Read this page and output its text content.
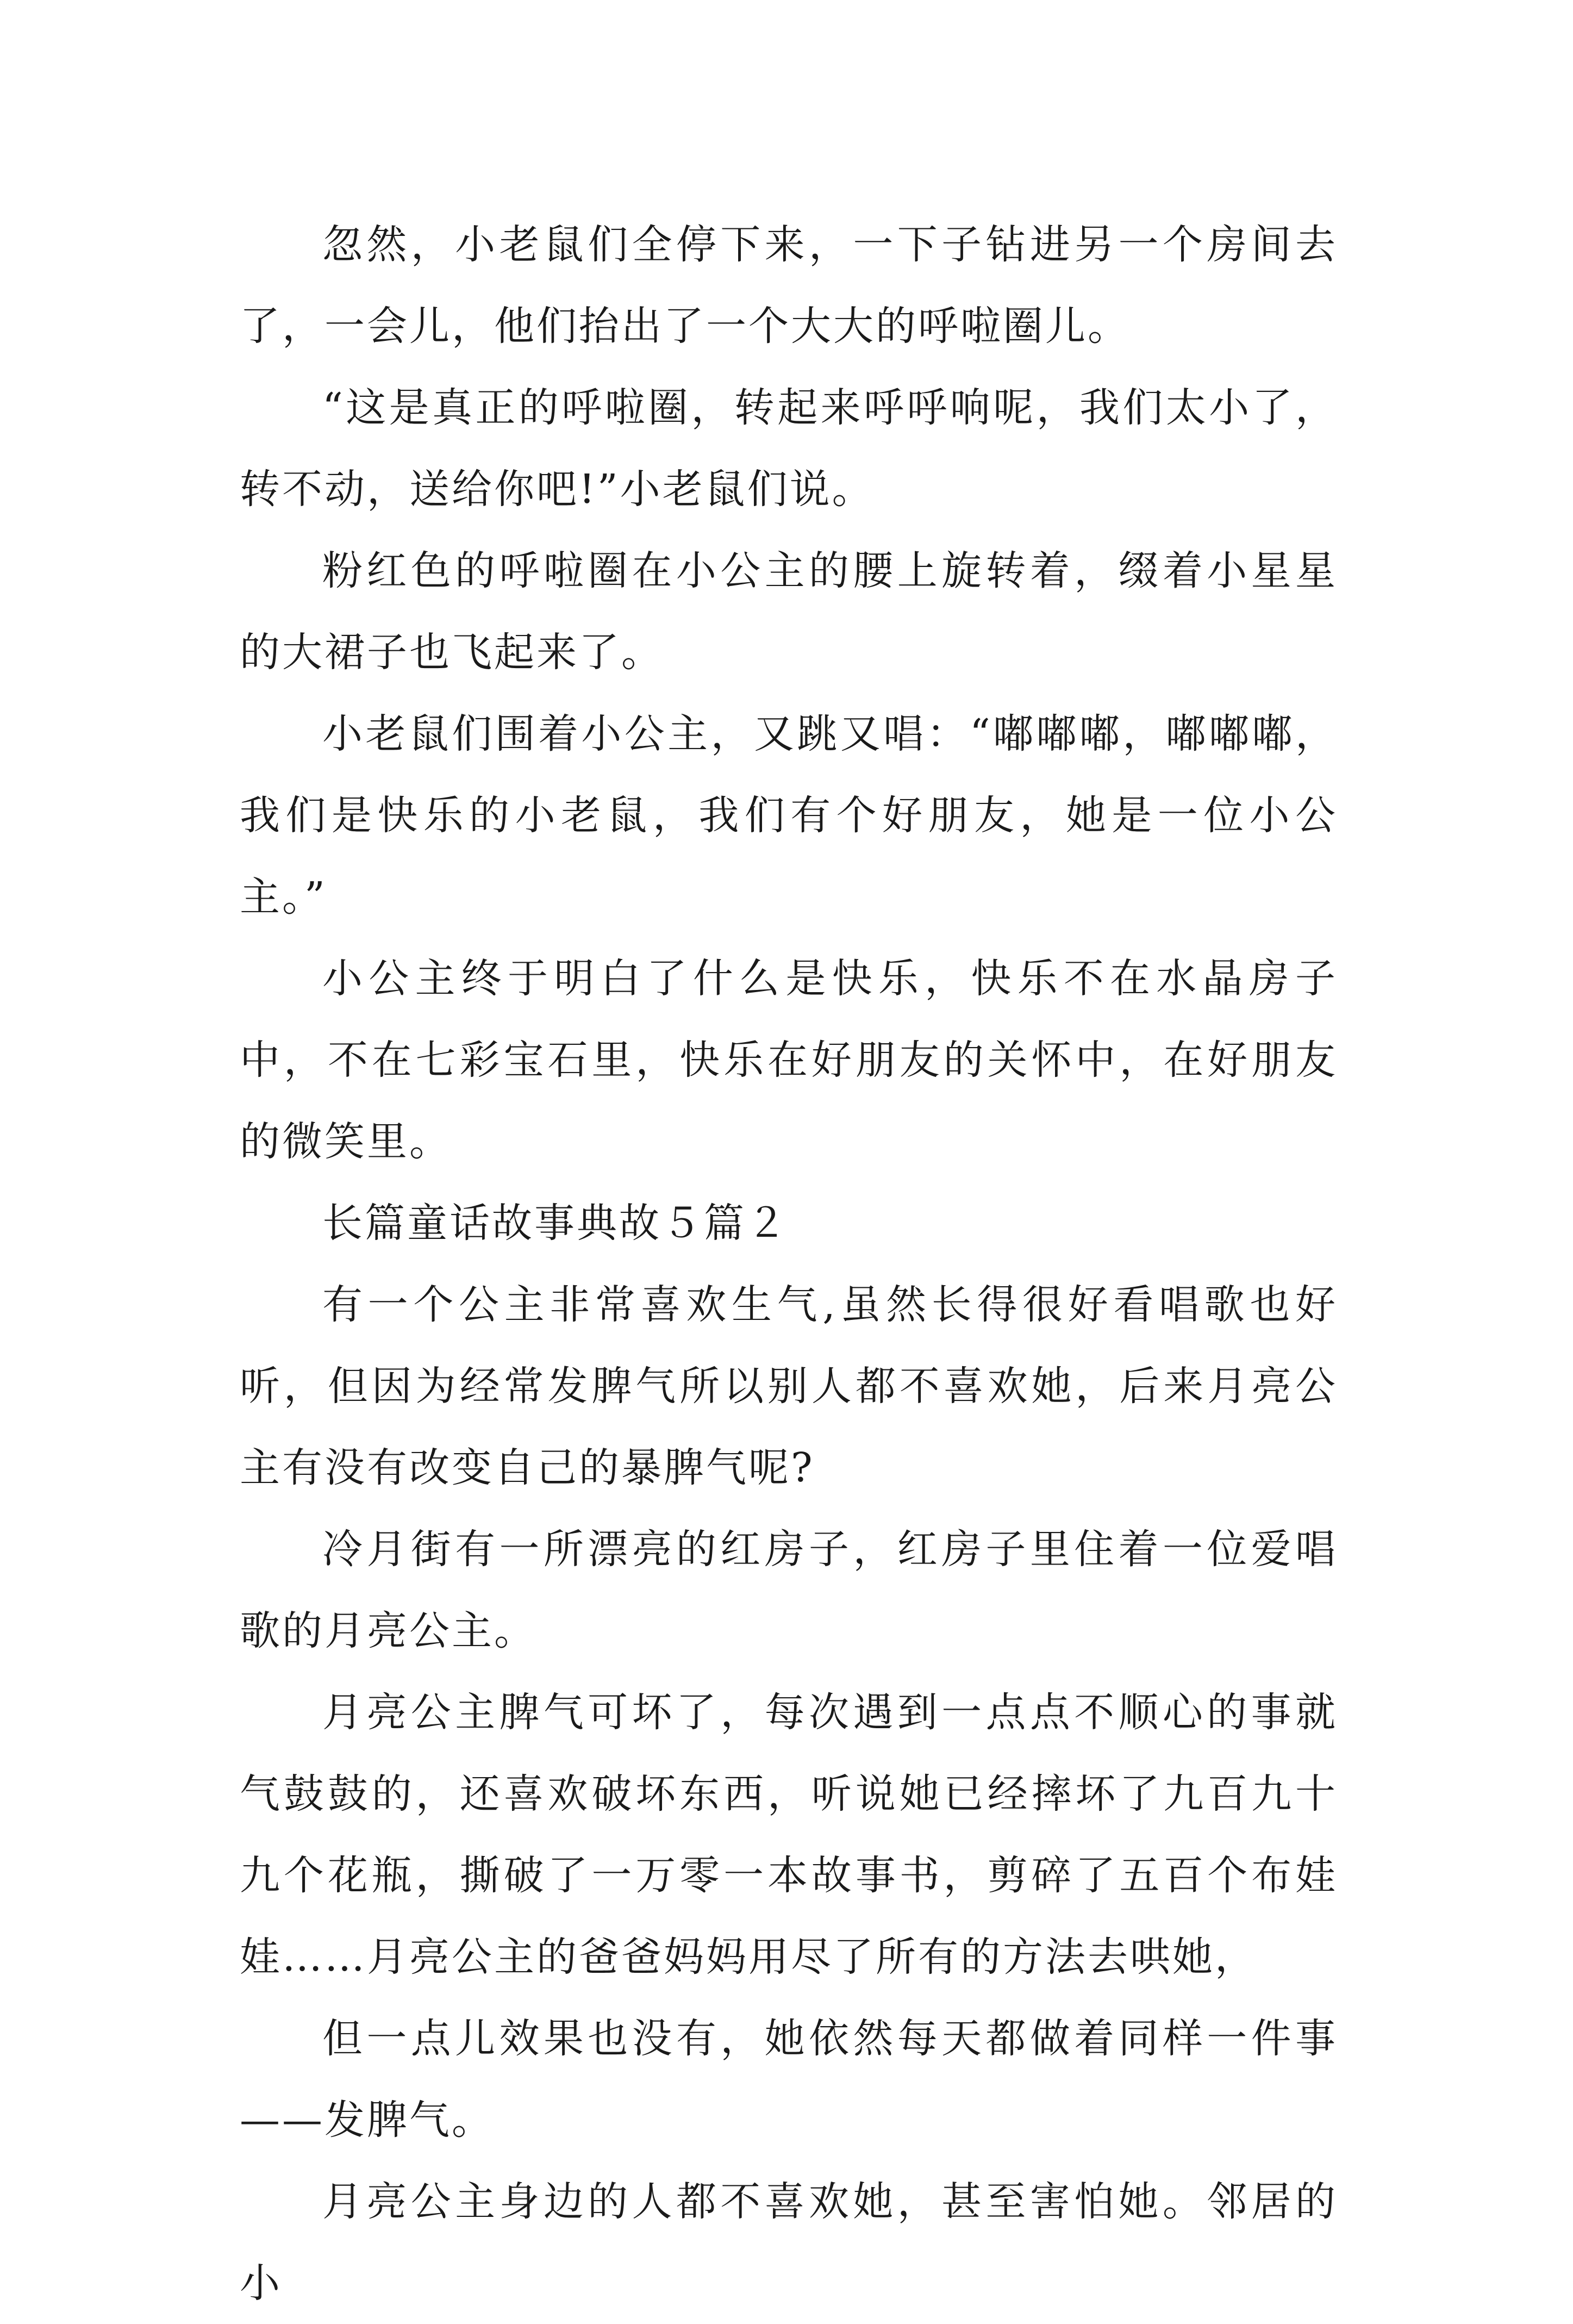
忽然，小老鼠们全停下来，一下子钻进另一个房间去了，一会儿，他们抬出了一个大大的呼啦圈儿。

“这是真正的呼啦圈，转起来呼呼响呢，我们太小了，转不动，送给你吧!”小老鼠们说。

粉红色的呼啦圈在小公主的腰上旋转着，缀着小星星的大裙子也飞起来了。

小老鼠们围着小公主，又跳又唱：“嘟嘟嘟，嘟嘟嘟，我们是快乐的小老鼠，我们有个好朋友，她是一位小公主。”

小公主终于明白了什么是快乐，快乐不在水晶房子中，不在七彩宝石里，快乐在好朋友的关怀中，在好朋友的微笑里。

长篇童话故事典故５篇２

有一个公主非常喜欢生气,虽然长得很好看唱歌也好听，但因为经常发脾气所以别人都不喜欢她，后来月亮公主有没有改变自己的暴脾气呢?

冷月街有一所漂亮的红房子，红房子里住着一位爱唱歌的月亮公主。

月亮公主脾气可坏了，每次遇到一点点不顺心的事就气鼓鼓的，还喜欢破坏东西，听说她已经摔坏了九百九十九个花瓶，撕破了一万零一本故事书，剪碎了五百个布娃娃……月亮公主的爸爸妈妈用尽了所有的方法去哄她，

但一点儿效果也没有，她依然每天都做着同样一件事——发脾气。

月亮公主身边的人都不喜欢她，甚至害怕她。邻居的小
